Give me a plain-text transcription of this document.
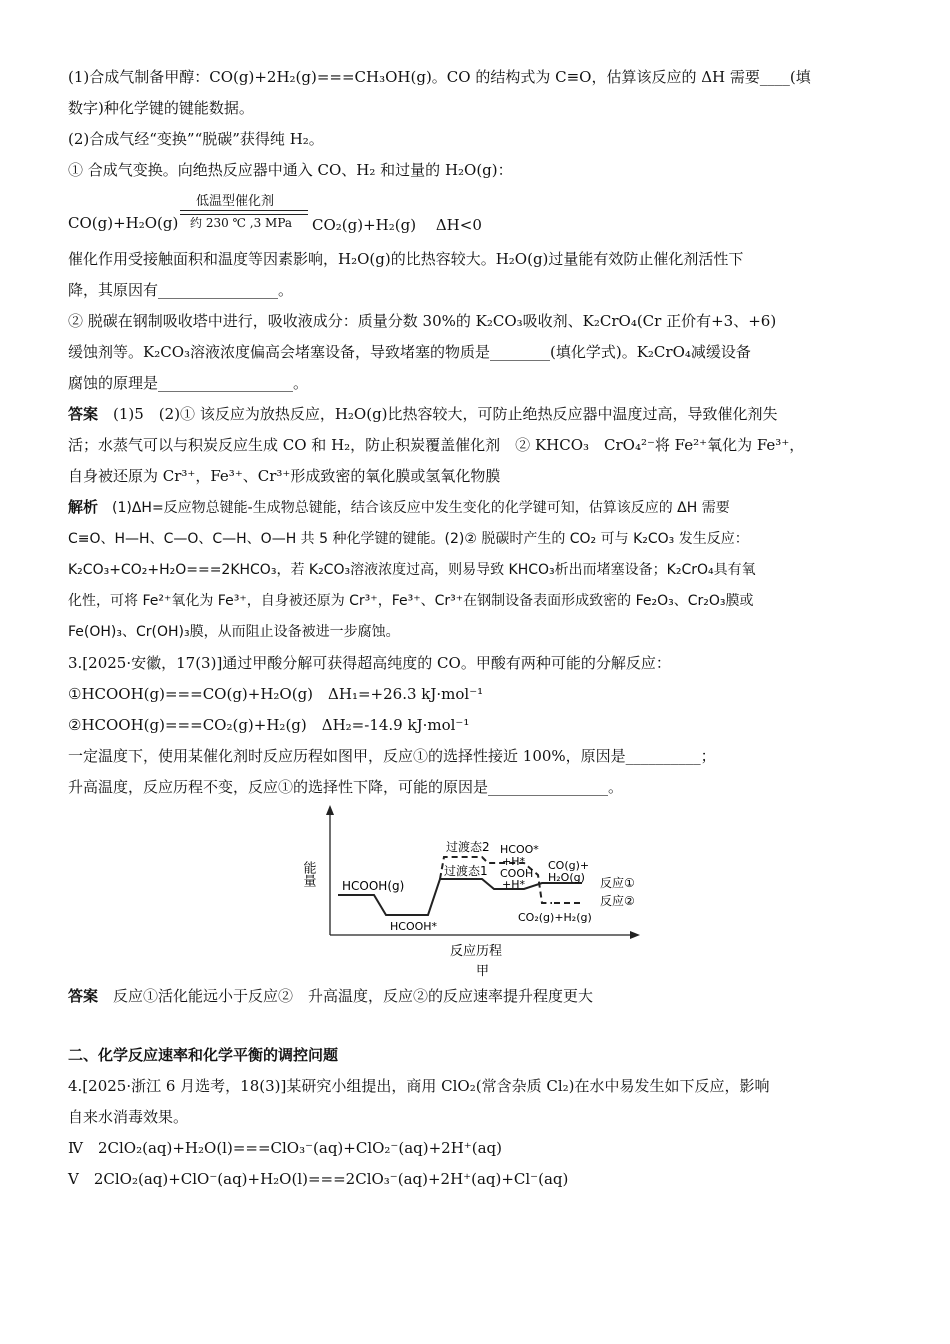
(1)合成气制备甲醇：CO(g)+2H₂(g)===CH₃OH(g)。CO 的结构式为 C≡O，估算该反应的 ΔH 需要____(填

数字)种化学键的键能数据。

(2)合成气经“变换”“脱碳”获得纯 H₂。

① 合成气变换。向绝热反应器中通入 CO、H₂ 和过量的 H₂O(g)：

低温型催化剂
约 230 ℃ ,3 MPa
CO(g)+H₂O(g)	CO₂(g)+H₂(g)　 ΔH<0

催化作用受接触面积和温度等因素影响，H₂O(g)的比热容较大。H₂O(g)过量能有效防止催化剂活性下

降，其原因有________________。

② 脱碳在钢制吸收塔中进行，吸收液成分：质量分数 30%的 K₂CO₃吸收剂、K₂CrO₄(Cr 正价有+3、+6)

缓蚀剂等。K₂CO₃溶液浓度偏高会堵塞设备，导致堵塞的物质是________(填化学式)。K₂CrO₄减缓设备

腐蚀的原理是__________________。

答案　(1)5　(2)① 该反应为放热反应，H₂O(g)比热容较大，可防止绝热反应器中温度过高，导致催化剂失

活；水蒸气可以与积炭反应生成 CO 和 H₂，防止积炭覆盖催化剂　② KHCO₃　CrO₄²⁻将 Fe²⁺氧化为 Fe³⁺，

自身被还原为 Cr³⁺，Fe³⁺、Cr³⁺形成致密的氧化膜或氢氧化物膜

解析　(1)ΔH=反应物总键能-生成物总键能，结合该反应中发生变化的化学键可知，估算该反应的 ΔH 需要

C≡O、H—H、C—O、C—H、O—H 共 5 种化学键的键能。(2)② 脱碳时产生的 CO₂ 可与 K₂CO₃ 发生反应：

K₂CO₃+CO₂+H₂O===2KHCO₃，若 K₂CO₃溶液浓度过高，则易导致 KHCO₃析出而堵塞设备；K₂CrO₄具有氧

化性，可将 Fe²⁺氧化为 Fe³⁺，自身被还原为 Cr³⁺，Fe³⁺、Cr³⁺在钢制设备表面形成致密的 Fe₂O₃、Cr₂O₃膜或

Fe(OH)₃、Cr(OH)₃膜，从而阻止设备被进一步腐蚀。

3.[2025·安徽，17(3)]通过甲酸分解可获得超高纯度的 CO。甲酸有两种可能的分解反应：

①HCOOH(g)===CO(g)+H₂O(g)　ΔH₁=+26.3 kJ·mol⁻¹

②HCOOH(g)===CO₂(g)+H₂(g)　ΔH₂=-14.9 kJ·mol⁻¹

一定温度下，使用某催化剂时反应历程如图甲，反应①的选择性接近 100%，原因是__________；

升高温度，反应历程不变，反应①的选择性下降，可能的原因是________________。

能量 HCOOH(g)
HCOOH*
过渡态1
过渡态2 HCOO*
+H*
COOH
+H*
CO(g)+
H₂O(g)
CO₂(g)+H₂(g)
反应①
反应②
反应历程
甲

答案　反应①活化能远小于反应②　升高温度，反应②的反应速率提升程度更大

二、化学反应速率和化学平衡的调控问题

4.[2025·浙江 6 月选考，18(3)]某研究小组提出，商用 ClO₂(常含杂质 Cl₂)在水中易发生如下反应，影响

自来水消毒效果。

Ⅳ　2ClO₂(aq)+H₂O(l)===ClO₃⁻(aq)+ClO₂⁻(aq)+2H⁺(aq)

Ⅴ　2ClO₂(aq)+ClO⁻(aq)+H₂O(l)===2ClO₃⁻(aq)+2H⁺(aq)+Cl⁻(aq)
